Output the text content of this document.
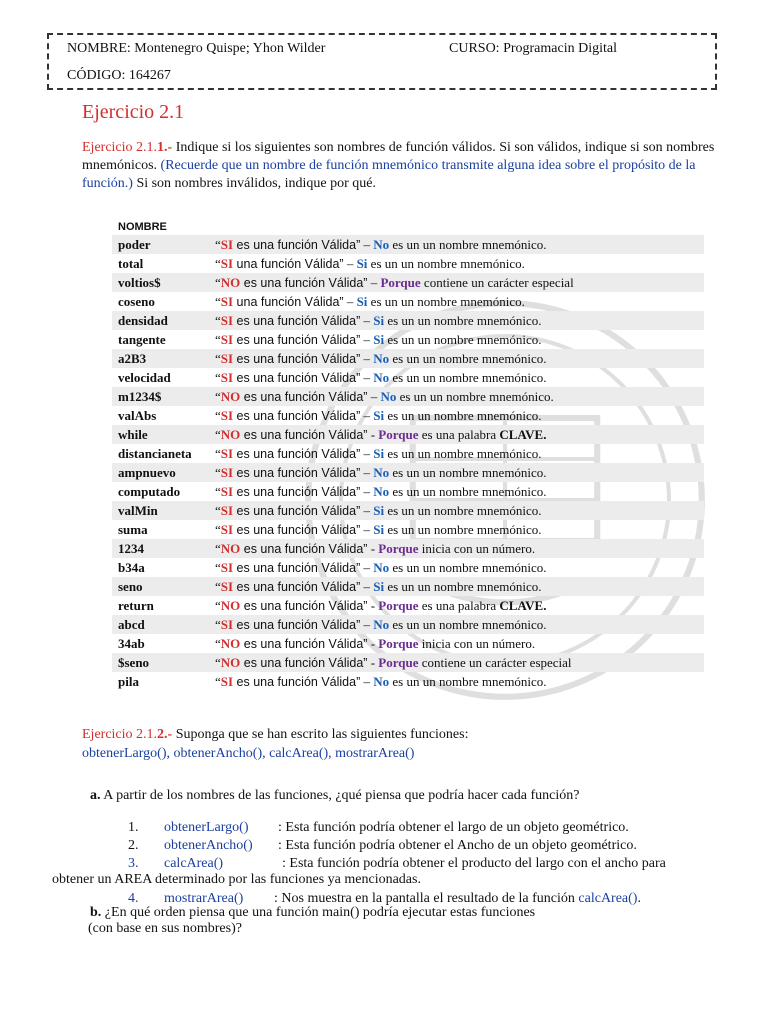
NOMBRE: Montenegro Quispe; Yhon Wilder	CURSO: Programacin Digital
CÓDIGO: 164267
Ejercicio 2.1
Ejercicio 2.1.1.- Indique si los siguientes son nombres de función válidos. Si son válidos, indique si son nombres mnemónicos. (Recuerde que un nombre de función mnemónico transmite alguna idea sobre el propósito de la función.) Si son nombres inválidos, indique por qué.
NOMBRE	
poder	“SI es una función Válida” – No es un un nombre mnemónico.
total	“SI una función Válida” – Si es un un nombre mnemónico.
voltios$	“NO es una función Válida” – Porque contiene un carácter especial
coseno	“SI una función Válida” – Si es un un nombre mnemónico.
densidad	“SI es una función Válida” – Si es un un nombre mnemónico.
tangente	“SI es una función Válida” – Si es un un nombre mnemónico.
a2B3	“SI es una función Válida” – No es un un nombre mnemónico.
velocidad	“SI es una función Válida” – No es un un nombre mnemónico.
m1234$	“NO es una función Válida” – No es un un nombre mnemónico.
valAbs	“SI es una función Válida” – Si es un un nombre mnemónico.
while	“NO es una función Válida” - Porque es una palabra CLAVE.
distancianeta	“SI es una función Válida” – Si es un un nombre mnemónico.
ampnuevo	“SI es una función Válida” – No es un un nombre mnemónico.
computado	“SI es una función Válida” – No es un un nombre mnemónico.
valMin	“SI es una función Válida” – Si es un un nombre mnemónico.
suma	“SI es una función Válida” – Si es un un nombre mnemónico.
1234	“NO es una función Válida” - Porque inicia con un número.
b34a	“SI es una función Válida” – No es un un nombre mnemónico.
seno	“SI es una función Válida” – Si es un un nombre mnemónico.
return	“NO es una función Válida” - Porque es una palabra CLAVE.
abcd	“SI es una función Válida” – No es un un nombre mnemónico.
34ab	“NO es una función Válida” - Porque inicia con un número.
$seno	“NO es una función Válida” - Porque contiene un carácter especial
pila	“SI es una función Válida” – No es un un nombre mnemónico.
Ejercicio 2.1.2.- Suponga que se han escrito las siguientes funciones:
obtenerLargo(), obtenerAncho(), calcArea(), mostrarArea()
a. A partir de los nombres de las funciones, ¿qué piensa que podría hacer cada función?
1. obtenerLargo()	: Esta función podría obtener el largo de un objeto geométrico.
2. obtenerAncho()	: Esta función podría obtener el Ancho de un objeto geométrico.
3. calcArea()	: Esta función podría obtener el producto del largo con el ancho para obtener un AREA determinado por las funciones ya mencionadas.
4. mostrarArea() : Nos muestra en la pantalla el resultado de la función calcArea().
b. ¿En qué orden piensa que una función main() podría ejecutar estas funciones
(con base en sus nombres)?
